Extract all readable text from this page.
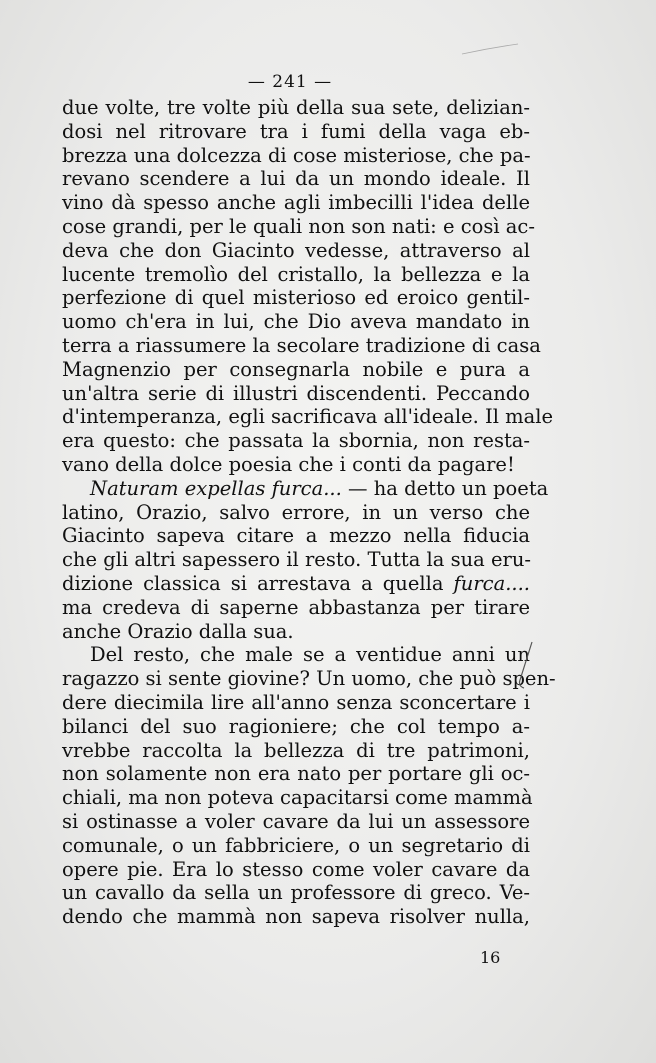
— 241 —
due volte, tre volte più della sua sete, delizian-
dosi nel ritrovare tra i fumi della vaga eb-
brezza una dolcezza di cose misteriose, che pa-
revano scendere a lui da un mondo ideale. Il
vino dà spesso anche agli imbecilli l'idea delle
cose grandi, per le quali non son nati: e così ac-
deva che don Giacinto vedesse, attraverso al
lucente tremolìo del cristallo, la bellezza e la
perfezione di quel misterioso ed eroico gentil-
uomo ch'era in lui, che Dio aveva mandato in
terra a riassumere la secolare tradizione di casa
Magnenzio per consegnarla nobile e pura a
un'altra serie di illustri discendenti. Peccando
d'intemperanza, egli sacrificava all'ideale. Il male
era questo: che passata la sbornia, non resta-
vano della dolce poesia che i conti da pagare!
Naturam expellas furca... — ha detto un poeta
latino, Orazio, salvo errore, in un verso che
Giacinto sapeva citare a mezzo nella fiducia
che gli altri sapessero il resto. Tutta la sua eru-
dizione classica si arrestava a quella furca....
ma credeva di saperne abbastanza per tirare
anche Orazio dalla sua.
Del resto, che male se a ventidue anni un
ragazzo si sente giovine? Un uomo, che può spen-
dere diecimila lire all'anno senza sconcertare i
bilanci del suo ragioniere; che col tempo a-
vrebbe raccolta la bellezza di tre patrimoni,
non solamente non era nato per portare gli oc-
chiali, ma non poteva capacitarsi come mammà
si ostinasse a voler cavare da lui un assessore
comunale, o un fabbriciere, o un segretario di
opere pie. Era lo stesso come voler cavare da
un cavallo da sella un professore di greco. Ve-
dendo che mammà non sapeva risolver nulla,
16
